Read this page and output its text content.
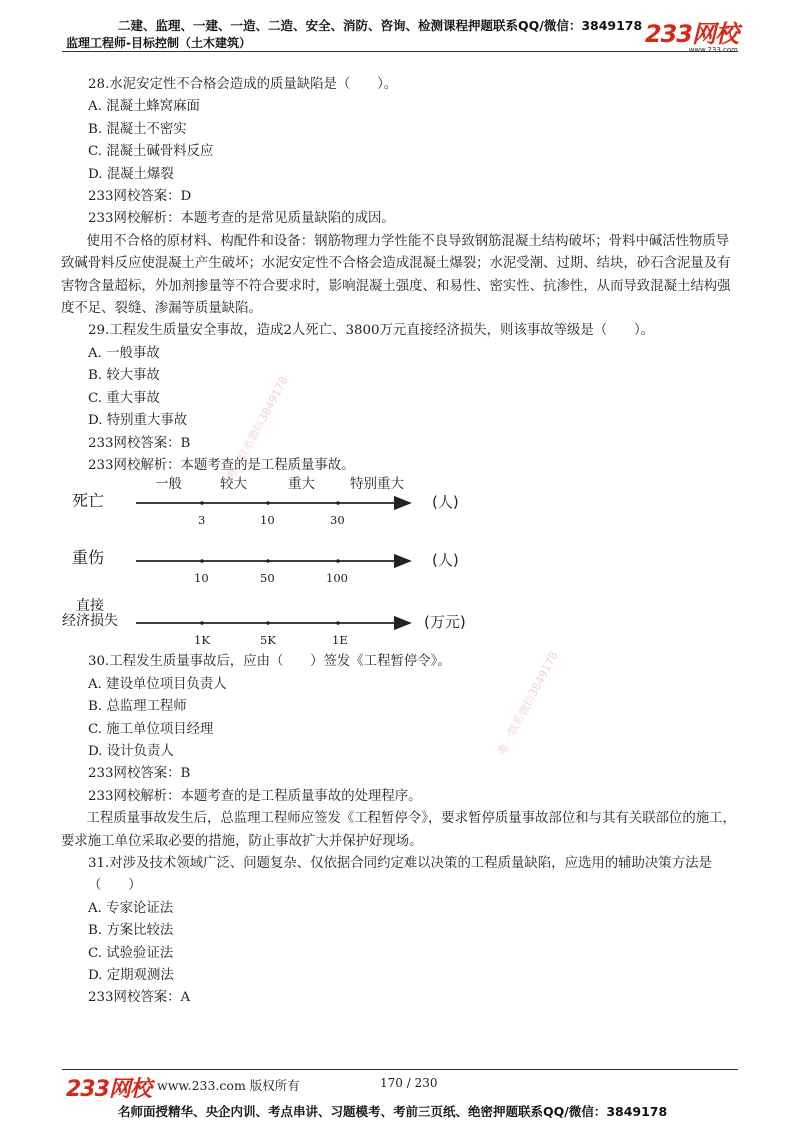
二建、监理、一建、一造、二造、安全、消防、咨询、检测课程押题联系QQ/微信：3849178
监理工程师-目标控制（土木建筑）	233网校
www.233.com
唯一联系微信3849178
唯一联系微信3849178

28.水泥安定性不合格会造成的质量缺陷是（　　）。

A. 混凝土蜂窝麻面

B. 混凝土不密实

C. 混凝土碱骨料反应

D. 混凝土爆裂

233网校答案：D

233网校解析：本题考查的是常见质量缺陷的成因。

使用不合格的原材料、构配件和设备：钢筋物理力学性能不良导致钢筋混凝土结构破坏；骨料中碱活性物质导致碱骨料反应使混凝土产生破坏；水泥安定性不合格会造成混凝土爆裂；水泥受潮、过期、结块，砂石含泥量及有害物含量超标，外加剂掺量等不符合要求时，影响混凝土强度、和易性、密实性、抗渗性，从而导致混凝土结构强度不足、裂缝、渗漏等质量缺陷。

29.工程发生质量安全事故，造成2人死亡、3800万元直接经济损失，则该事故等级是（　　）。

A. 一般事故

B. 较大事故

C. 重大事故

D. 特别重大事故

233网校答案：B

233网校解析：本题考查的是工程质量事故。

死亡
重伤
直接
经济损失
一般	较大	重大	特别重大
(人)
(人)
(万元)
3	10	30
10	50	100
1K	5K	1E

30.工程发生质量事故后，应由（　　）签发《工程暂停令》。

A. 建设单位项目负责人

B. 总监理工程师

C. 施工单位项目经理

D. 设计负责人

233网校答案：B

233网校解析：本题考查的是工程质量事故的处理程序。

工程质量事故发生后，总监理工程师应签发《工程暂停令》，要求暂停质量事故部位和与其有关联部位的施工，要求施工单位采取必要的措施，防止事故扩大并保护好现场。

31.对涉及技术领域广泛、问题复杂、仅依据合同约定难以决策的工程质量缺陷，应选用的辅助决策方法是（　　）

A. 专家论证法

B. 方案比较法

C. 试验验证法

D. 定期观测法

233网校答案：A

233网校 www.233.com 版权所有	170 / 230
名师面授精华、央企内训、考点串讲、习题模考、考前三页纸、绝密押题联系QQ/微信：3849178
